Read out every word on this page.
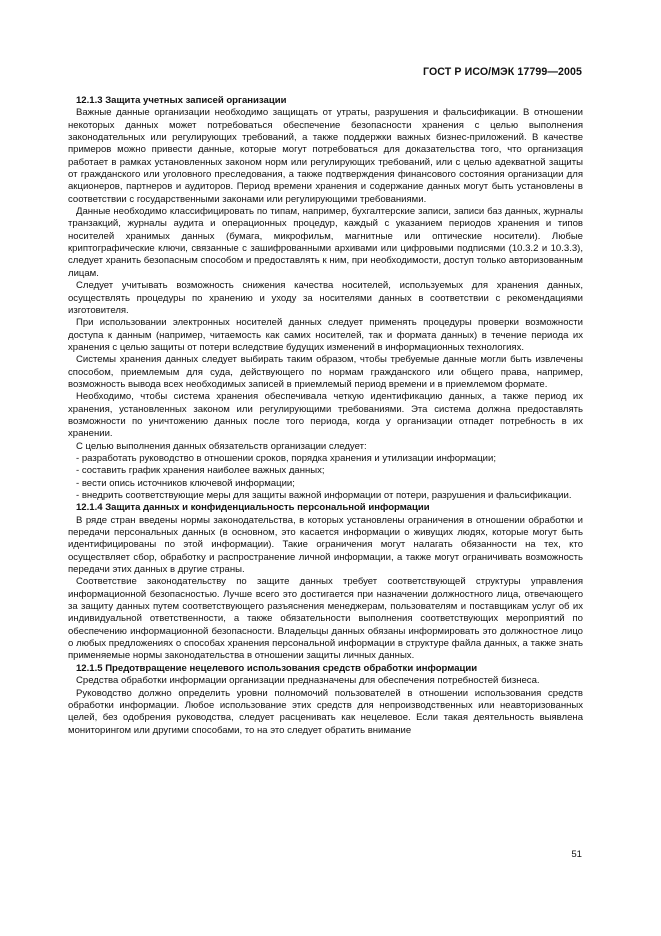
ГОСТ Р ИСО/МЭК 17799—2005

12.1.3 Защита учетных записей организации

Важные данные организации необходимо защищать от утраты, разрушения и фальсификации. В отношении некоторых данных может потребоваться обеспечение безопасности хранения с целью выполнения законодательных или регулирующих требований, а также поддержки важных бизнес-приложений. В качестве примеров можно привести данные, которые могут потребоваться для доказательства того, что организация работает в рамках установленных законом норм или регулирующих требований, или с целью адекватной защиты от гражданского или уголовного преследования, а также подтверждения финансового состояния организации для акционеров, партнеров и аудиторов. Период времени хранения и содержание данных могут быть установлены в соответствии с государственными законами или регулирующими требованиями.

Данные необходимо классифицировать по типам, например, бухгалтерские записи, записи баз данных, журналы транзакций, журналы аудита и операционных процедур, каждый с указанием периодов хранения и типов носителей хранимых данных (бумага, микрофильм, магнитные или оптические носители). Любые криптографические ключи, связанные с зашифрованными архивами или цифровыми подписями (10.3.2 и 10.3.3), следует хранить безопасным способом и предоставлять к ним, при необходимости, доступ только авторизованным лицам.

Следует учитывать возможность снижения качества носителей, используемых для хранения данных, осуществлять процедуры по хранению и уходу за носителями данных в соответствии с рекомендациями изготовителя.

При использовании электронных носителей данных следует применять процедуры проверки возможности доступа к данным (например, читаемость как самих носителей, так и формата данных) в течение периода их хранения с целью защиты от потери вследствие будущих изменений в информационных технологиях.

Системы хранения данных следует выбирать таким образом, чтобы требуемые данные могли быть извлечены способом, приемлемым для суда, действующего по нормам гражданского или общего права, например, возможность вывода всех необходимых записей в приемлемый период времени и в приемлемом формате.

Необходимо, чтобы система хранения обеспечивала четкую идентификацию данных, а также период их хранения, установленных законом или регулирующими требованиями. Эта система должна предоставлять возможности по уничтожению данных после того периода, когда у организации отпадет потребность в их хранении.

С целью выполнения данных обязательств организации следует:

- разработать руководство в отношении сроков, порядка хранения и утилизации информации;

- составить график хранения наиболее важных данных;

- вести опись источников ключевой информации;

- внедрить соответствующие меры для защиты важной информации от потери, разрушения и фальсификации.

12.1.4 Защита данных и конфиденциальность персональной информации

В ряде стран введены нормы законодательства, в которых установлены ограничения в отношении обработки и передачи персональных данных (в основном, это касается информации о живущих людях, которые могут быть идентифицированы по этой информации). Такие ограничения могут налагать обязанности на тех, кто осуществляет сбор, обработку и распространение личной информации, а также могут ограничивать возможность передачи этих данных в другие страны.

Соответствие законодательству по защите данных требует соответствующей структуры управления информационной безопасностью. Лучше всего это достигается при назначении должностного лица, отвечающего за защиту данных путем соответствующего разъяснения менеджерам, пользователям и поставщикам услуг об их индивидуальной ответственности, а также обязательности выполнения соответствующих мероприятий по обеспечению информационной безопасности. Владельцы данных обязаны информировать это должностное лицо о любых предложениях о способах хранения персональной информации в структуре файла данных, а также знать применяемые нормы законодательства в отношении защиты личных данных.

12.1.5 Предотвращение нецелевого использования средств обработки информации

Средства обработки информации организации предназначены для обеспечения потребностей бизнеса.

Руководство должно определить уровни полномочий пользователей в отношении использования средств обработки информации. Любое использование этих средств для непроизводственных или неавторизованных целей, без одобрения руководства, следует расценивать как нецелевое. Если такая деятельность выявлена мониторингом или другими способами, то на это следует обратить внимание

51
